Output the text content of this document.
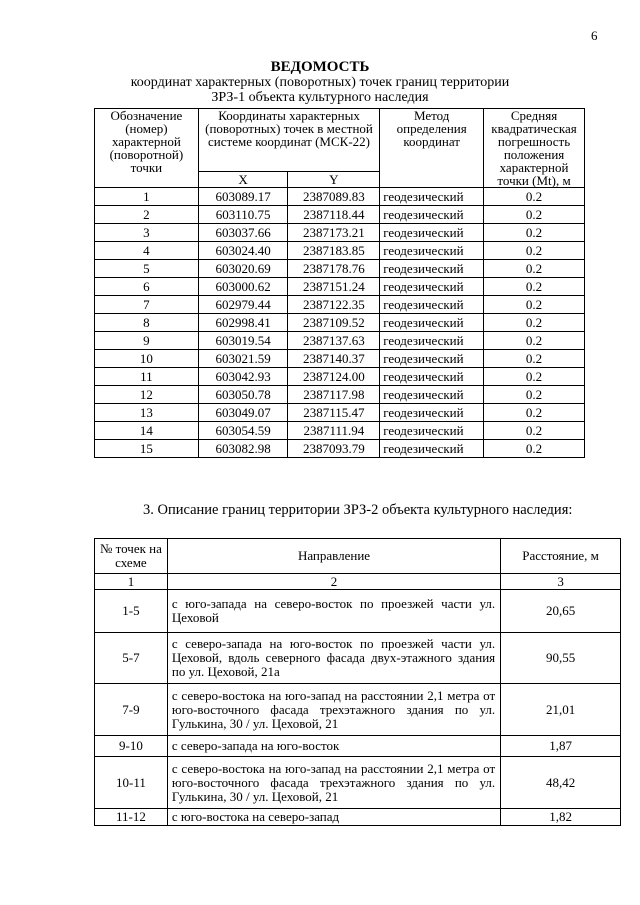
6
ВЕДОМОСТЬ
координат характерных (поворотных) точек границ территории
ЗРЗ-1 объекта культурного наследия
Обозначение (номер) характерной (поворотной) точки	Координаты характерных (поворотных) точек в местной системе координат (МСК-22)		Метод определения координат	Средняя квадратическая погрешность положения характерной точки (Mt), м
	X	Y		
1	603089.17	2387089.83	геодезический	0.2
2	603110.75	2387118.44	геодезический	0.2
3	603037.66	2387173.21	геодезический	0.2
4	603024.40	2387183.85	геодезический	0.2
5	603020.69	2387178.76	геодезический	0.2
6	603000.62	2387151.24	геодезический	0.2
7	602979.44	2387122.35	геодезический	0.2
8	602998.41	2387109.52	геодезический	0.2
9	603019.54	2387137.63	геодезический	0.2
10	603021.59	2387140.37	геодезический	0.2
11	603042.93	2387124.00	геодезический	0.2
12	603050.78	2387117.98	геодезический	0.2
13	603049.07	2387115.47	геодезический	0.2
14	603054.59	2387111.94	геодезический	0.2
15	603082.98	2387093.79	геодезический	0.2
3. Описание границ территории ЗРЗ-2 объекта культурного наследия:
№ точек на схеме	Направление	Расстояние, м
1	2	3
1-5	с юго-запада на северо-восток по проезжей части ул. Цеховой	20,65
5-7	с северо-запада на юго-восток по проезжей части ул. Цеховой, вдоль северного фасада двух-этажного здания по ул. Цеховой, 21а	90,55
7-9	с северо-востока на юго-запад на расстоянии 2,1 метра от юго-восточного фасада трехэтажного здания по ул. Гулькина, 30 / ул. Цеховой, 21	21,01
9-10	с северо-запада на юго-восток	1,87
10-11	с северо-востока на юго-запад на расстоянии 2,1 метра от юго-восточного фасада трехэтажного здания по ул. Гулькина, 30 / ул. Цеховой, 21	48,42
11-12	с юго-востока на северо-запад	1,82
